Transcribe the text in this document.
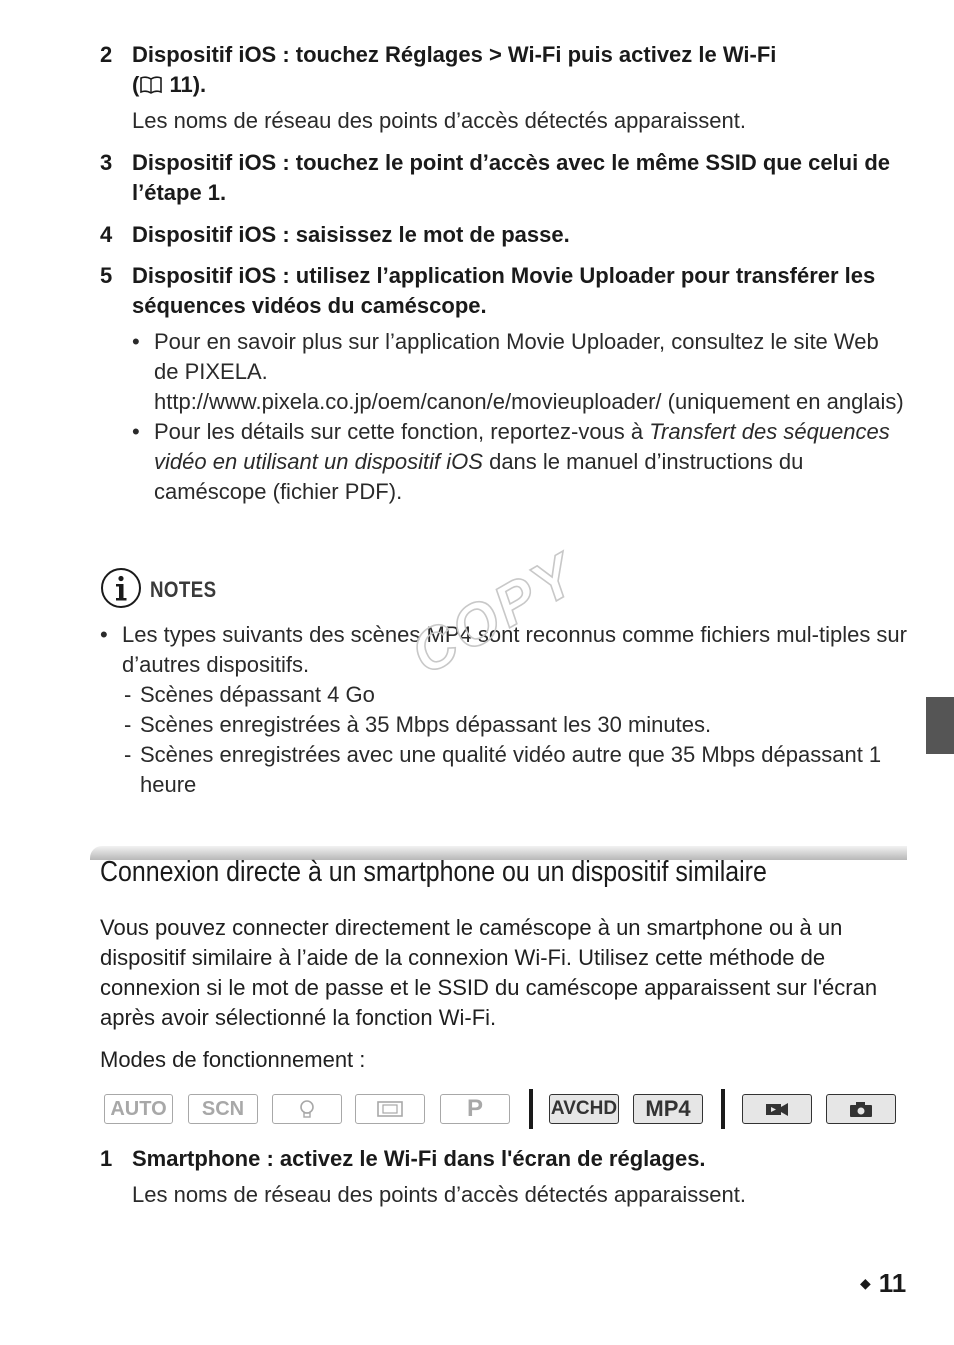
2 Dispositif iOS : touchez Réglages > Wi-Fi puis activez le Wi-Fi
( 11).
Les noms de réseau des points d’accès détectés apparaissent.
3 Dispositif iOS : touchez le point d’accès avec le même SSID que celui de l’étape 1.
4 Dispositif iOS : saisissez le mot de passe.
5 Dispositif iOS : utilisez l’application Movie Uploader pour transférer les séquences vidéos du caméscope.
• Pour en savoir plus sur l’application Movie Uploader, consultez le site Web de PIXELA.
http://www.pixela.co.jp/oem/canon/e/movieuploader/ (uniquement en anglais)
• Pour les détails sur cette fonction, reportez-vous à Transfert des séquences vidéo en utilisant un dispositif iOS dans le manuel d’instructions du caméscope (fichier PDF).
NOTES
• Les types suivants des scènes MP4 sont reconnus comme fichiers mul-tiples sur d’autres dispositifs.
- Scènes dépassant 4 Go
- Scènes enregistrées à 35 Mbps dépassant les 30 minutes.
- Scènes enregistrées avec une qualité vidéo autre que 35 Mbps dépassant 1 heure
COPY
Connexion directe à un smartphone ou un dispositif similaire
Vous pouvez connecter directement le caméscope à un smartphone ou à un dispositif similaire à l’aide de la connexion Wi-Fi. Utilisez cette méthode de connexion si le mot de passe et le SSID du caméscope apparaissent sur l'écran après avoir sélectionné la fonction Wi-Fi.
Modes de fonctionnement :
AUTO	SCN	P	AVCHD	MP4
1 Smartphone : activez le Wi-Fi dans l'écran de réglages.
Les noms de réseau des points d’accès détectés apparaissent.
◆ 11
